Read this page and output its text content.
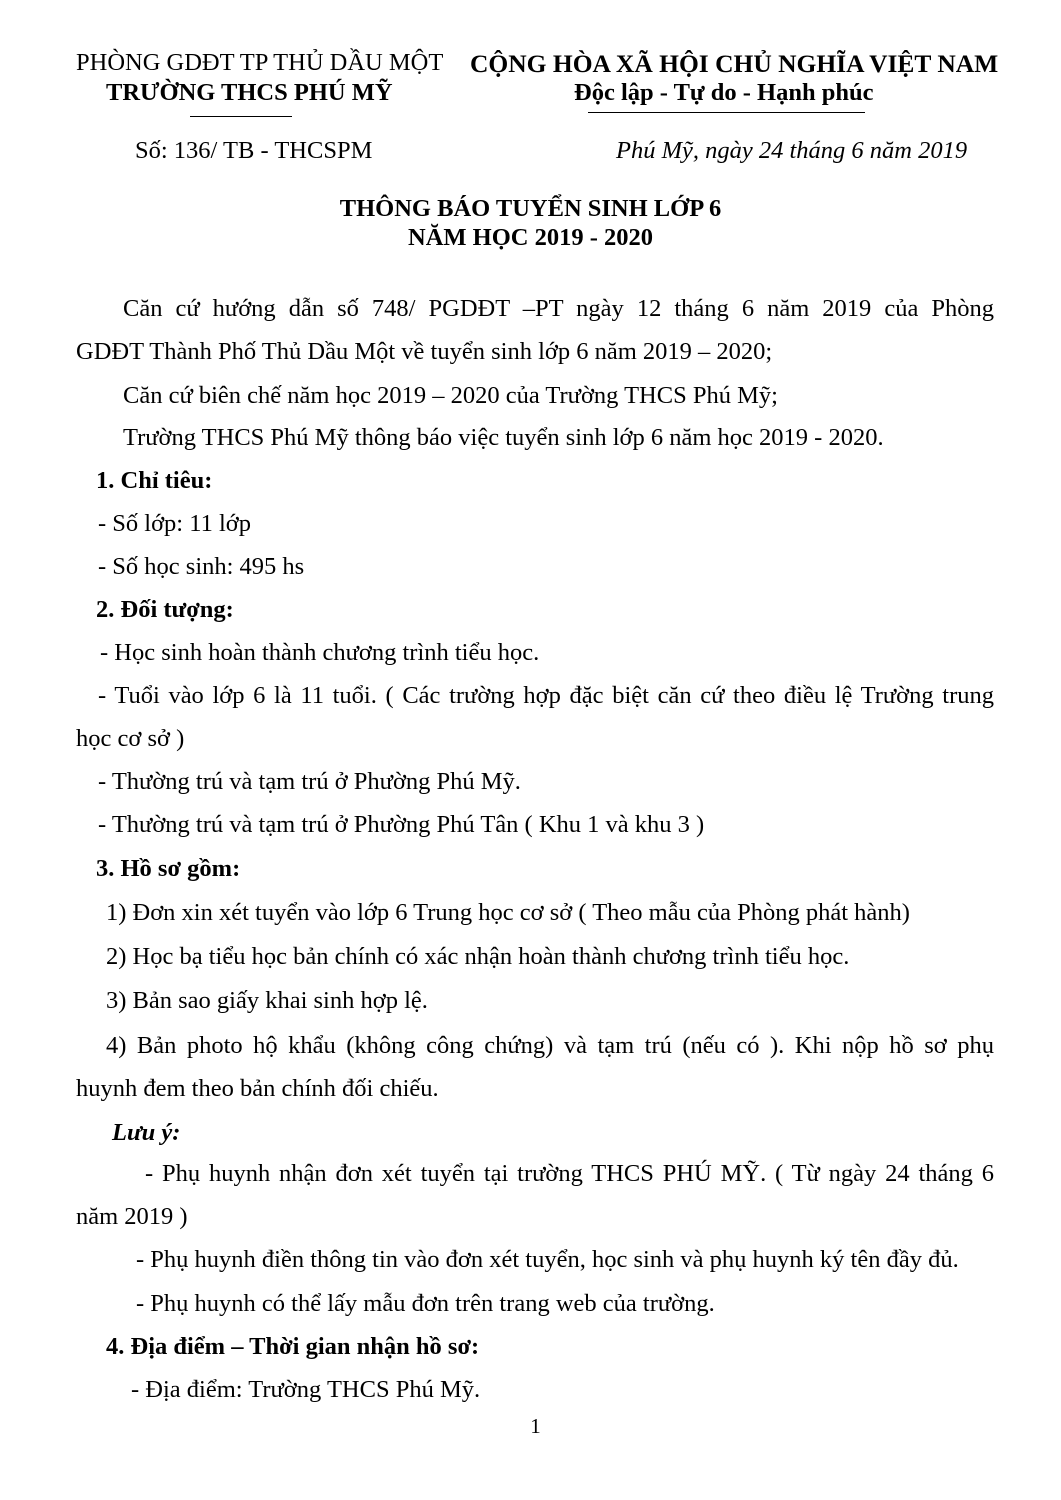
PHÒNG GDĐT TP THỦ DẦU MỘT
TRƯỜNG THCS PHÚ MỸ
CỘNG HÒA XÃ HỘI CHỦ NGHĨA VIỆT NAM
Độc lập - Tự do - Hạnh phúc
Số: 136/ TB - THCSPM	Phú Mỹ, ngày 24 tháng 6 năm 2019
THÔNG BÁO TUYỂN SINH LỚP 6
NĂM HỌC 2019 - 2020
Căn cứ hướng dẫn số 748/ PGDĐT –PT ngày 12 tháng 6 năm 2019 của Phòng
GDĐT Thành Phố Thủ Dầu Một về tuyển sinh lớp 6 năm 2019 – 2020;
Căn cứ biên chế năm học 2019 – 2020 của Trường THCS Phú Mỹ;
Trường THCS Phú Mỹ thông báo việc tuyển sinh lớp 6 năm học 2019 - 2020.
1. Chỉ tiêu:
- Số lớp: 11 lớp
- Số học sinh: 495 hs
2. Đối tượng:
- Học sinh hoàn thành chương trình tiểu học.
- Tuổi vào lớp 6 là 11 tuổi. ( Các trường hợp đặc biệt căn cứ theo điều lệ Trường trung
học cơ sở )
- Thường trú và tạm trú ở Phường Phú Mỹ.
- Thường trú và tạm trú ở Phường Phú Tân ( Khu 1 và khu 3 )
3. Hồ sơ gồm:
1) Đơn xin xét tuyển vào lớp 6 Trung học cơ sở ( Theo mẫu của Phòng phát hành)
2) Học bạ tiểu học bản chính có xác nhận hoàn thành chương trình tiểu học.
3) Bản sao giấy khai sinh hợp lệ.
4) Bản photo hộ khẩu (không công chứng) và tạm trú (nếu có ). Khi nộp hồ sơ phụ
huynh đem theo bản chính đối chiếu.
Lưu ý:
- Phụ huynh nhận đơn xét tuyển tại trường THCS PHÚ MỸ. ( Từ ngày 24 tháng 6
năm 2019 )
- Phụ huynh điền thông tin vào đơn xét tuyển, học sinh và phụ huynh ký tên đầy đủ.
- Phụ huynh có thể lấy mẫu đơn trên trang web của trường.
4. Địa điểm – Thời gian nhận hồ sơ:
- Địa điểm: Trường THCS Phú Mỹ.
1
